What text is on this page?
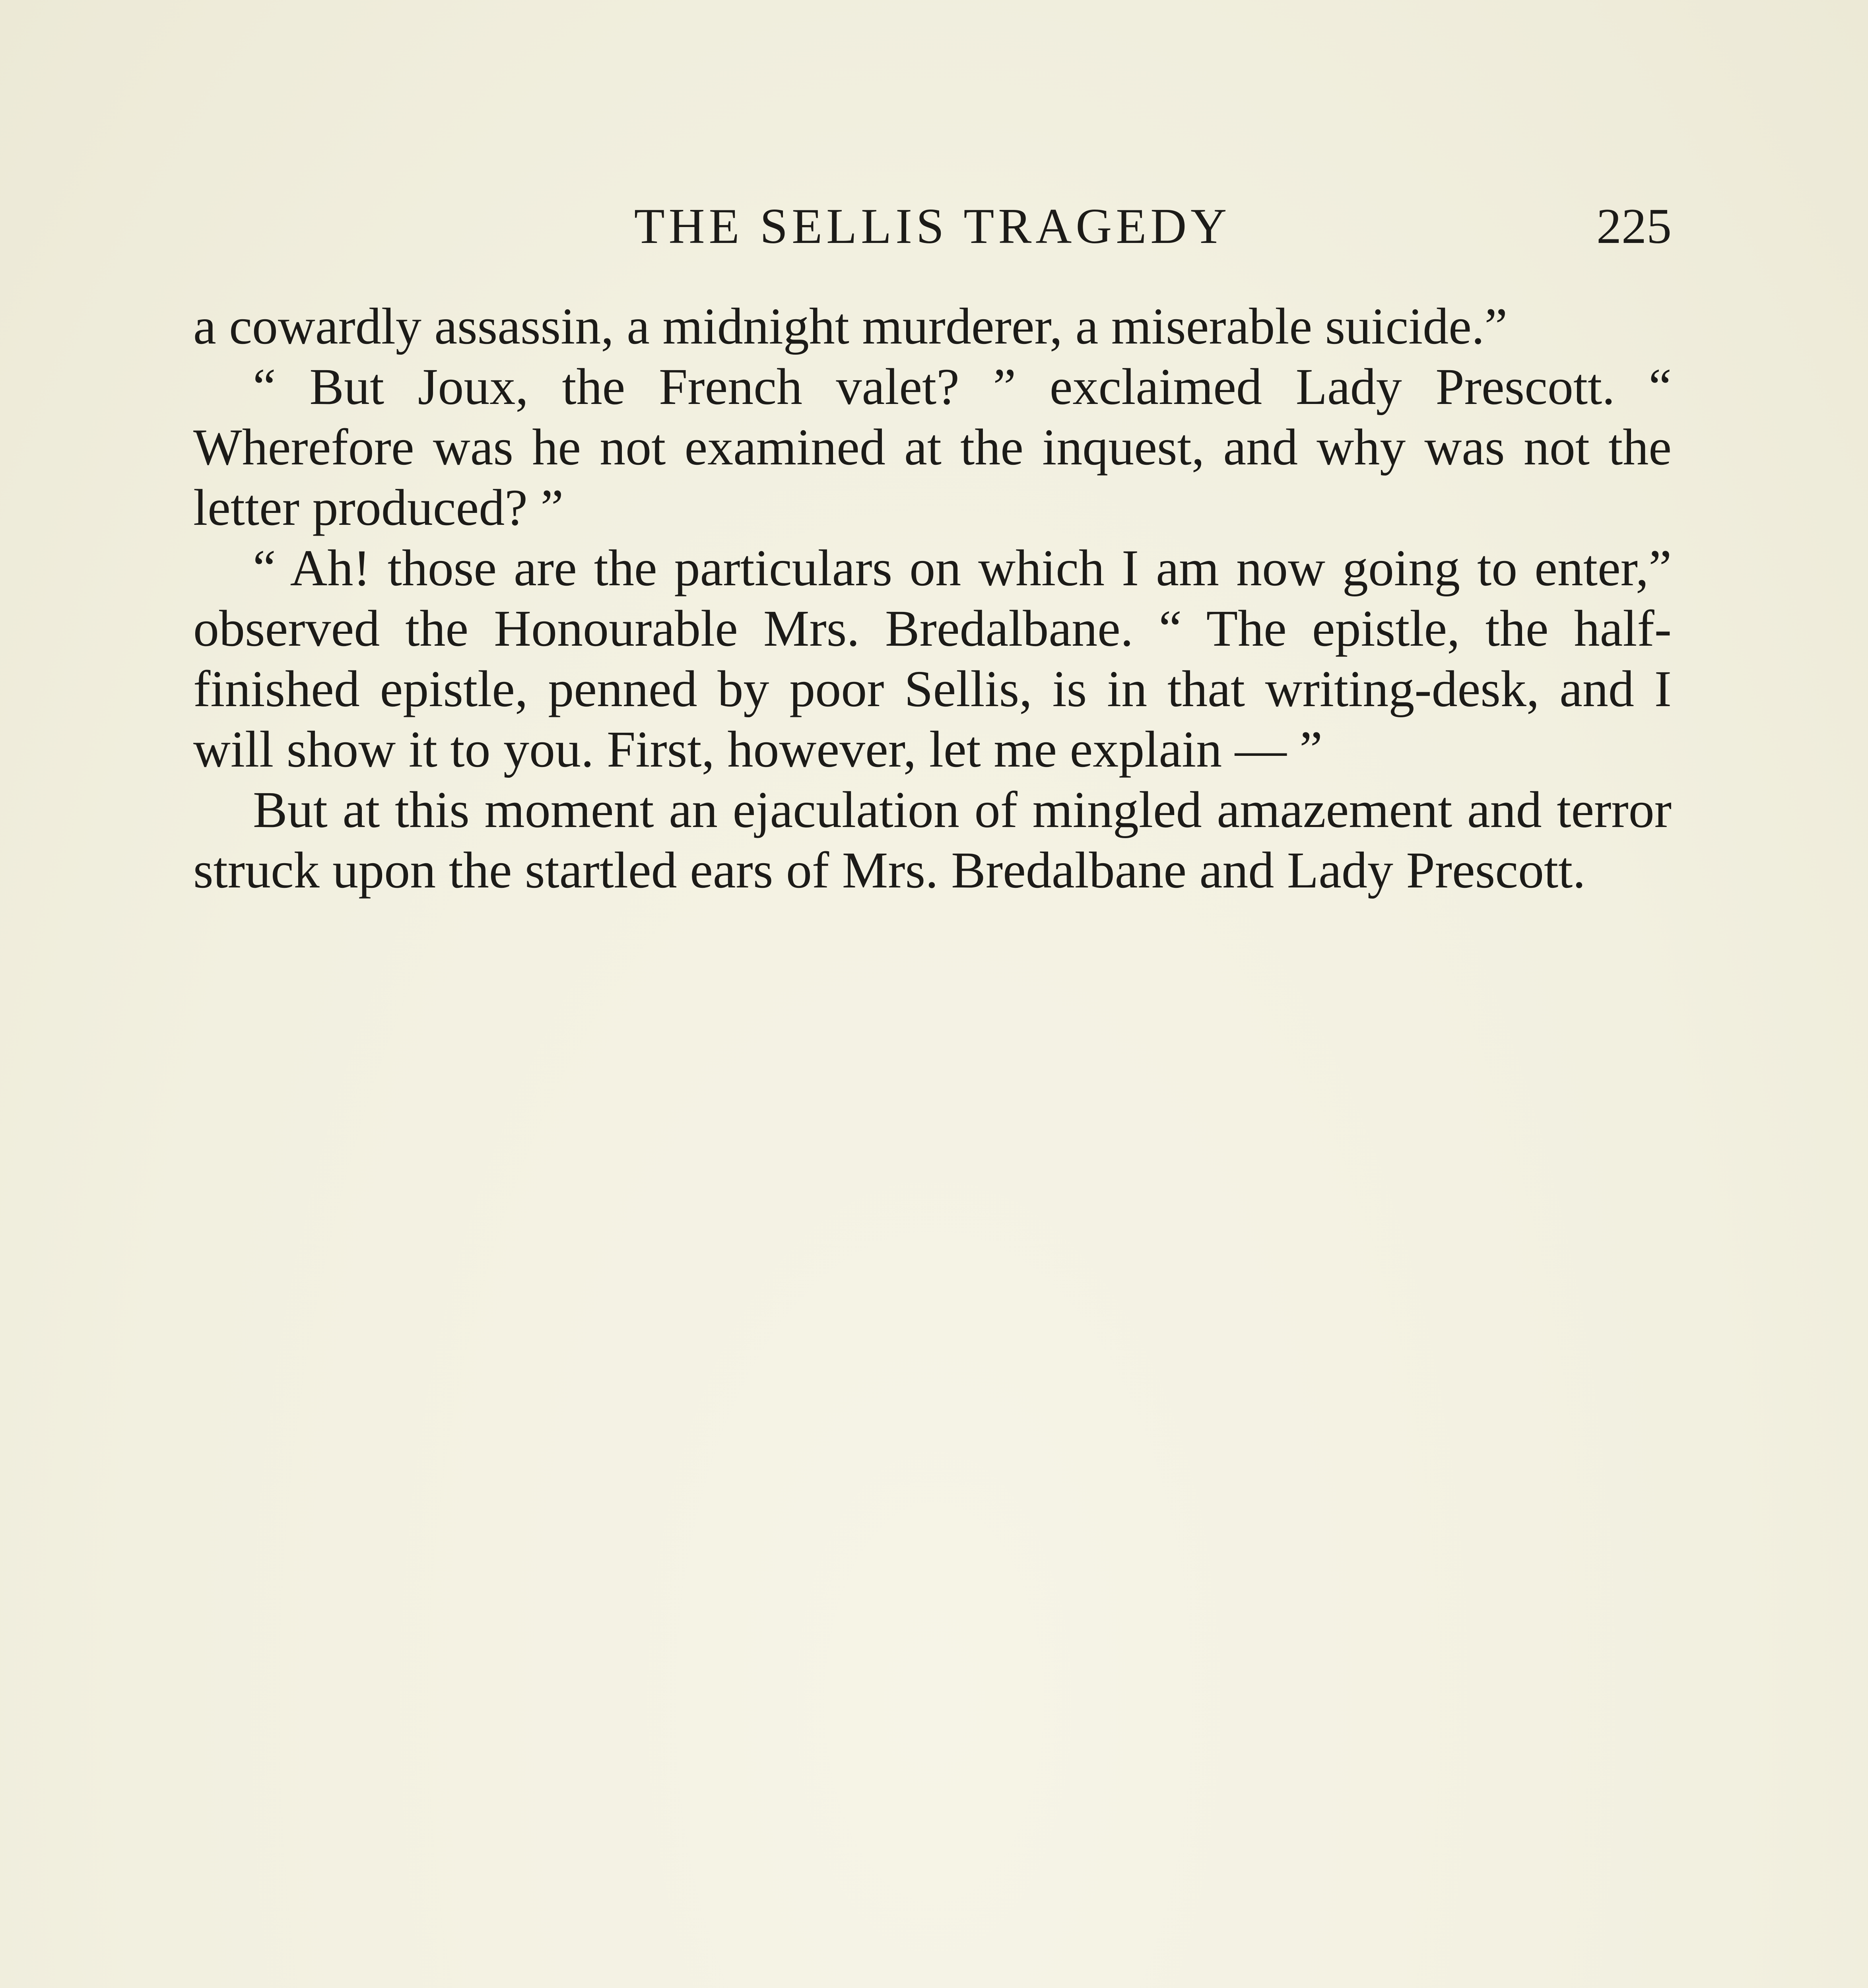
THE SELLIS TRAGEDY	225

a cowardly assassin, a midnight murderer, a miserable suicide.”

“ But Joux, the French valet? ” exclaimed Lady Prescott. “ Wherefore was he not examined at the inquest, and why was not the letter produced? ”

“ Ah! those are the particulars on which I am now going to enter,” observed the Honourable Mrs. Bredalbane. “ The epistle, the half-finished epistle, penned by poor Sellis, is in that writing-desk, and I will show it to you. First, however, let me explain — ”

But at this moment an ejaculation of mingled amazement and terror struck upon the startled ears of Mrs. Bredalbane and Lady Prescott.
